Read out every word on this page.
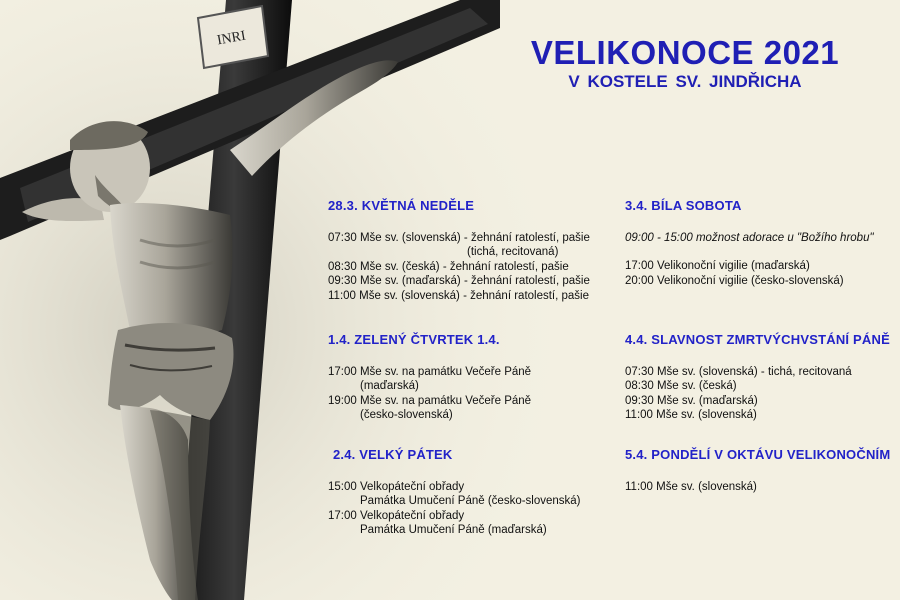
INRI	VELIKONOCE 2021
V KOSTELE SV. JINDŘICHA
28.3. KVĚTNÁ NEDĚLE
07:30 Mše sv. (slovenská) - žehnání ratolestí, pašie
(tichá, recitovaná)
08:30 Mše sv. (česká) - žehnání ratolestí, pašie
09:30 Mše sv. (maďarská) - žehnání ratolestí, pašie
11:00 Mše sv. (slovenská) - žehnání ratolestí, pašie
1.4. ZELENÝ ČTVRTEK 1.4.
17:00 Mše sv. na památku Večeře Páně
(maďarská)
19:00 Mše sv. na památku Večeře Páně
(česko-slovenská)
2.4. VELKÝ PÁTEK
15:00 Velkopáteční obřady
Památka Umučení Páně (česko-slovenská)
17:00 Velkopáteční obřady
Památka Umučení Páně (maďarská)
3.4. BÍLA SOBOTA
09:00 - 15:00 možnost adorace u "Božího hrobu"
17:00 Velikonoční vigilie (maďarská)
20:00 Velikonoční vigilie (česko-slovenská)
4.4. SLAVNOST ZMRTVÝCHVSTÁNÍ PÁNĚ
07:30 Mše sv. (slovenská) - tichá, recitovaná
08:30 Mše sv. (česká)
09:30 Mše sv. (maďarská)
11:00 Mše sv. (slovenská)
5.4. PONDĚLÍ V OKTÁVU VELIKONOČNÍM
11:00 Mše sv. (slovenská)
